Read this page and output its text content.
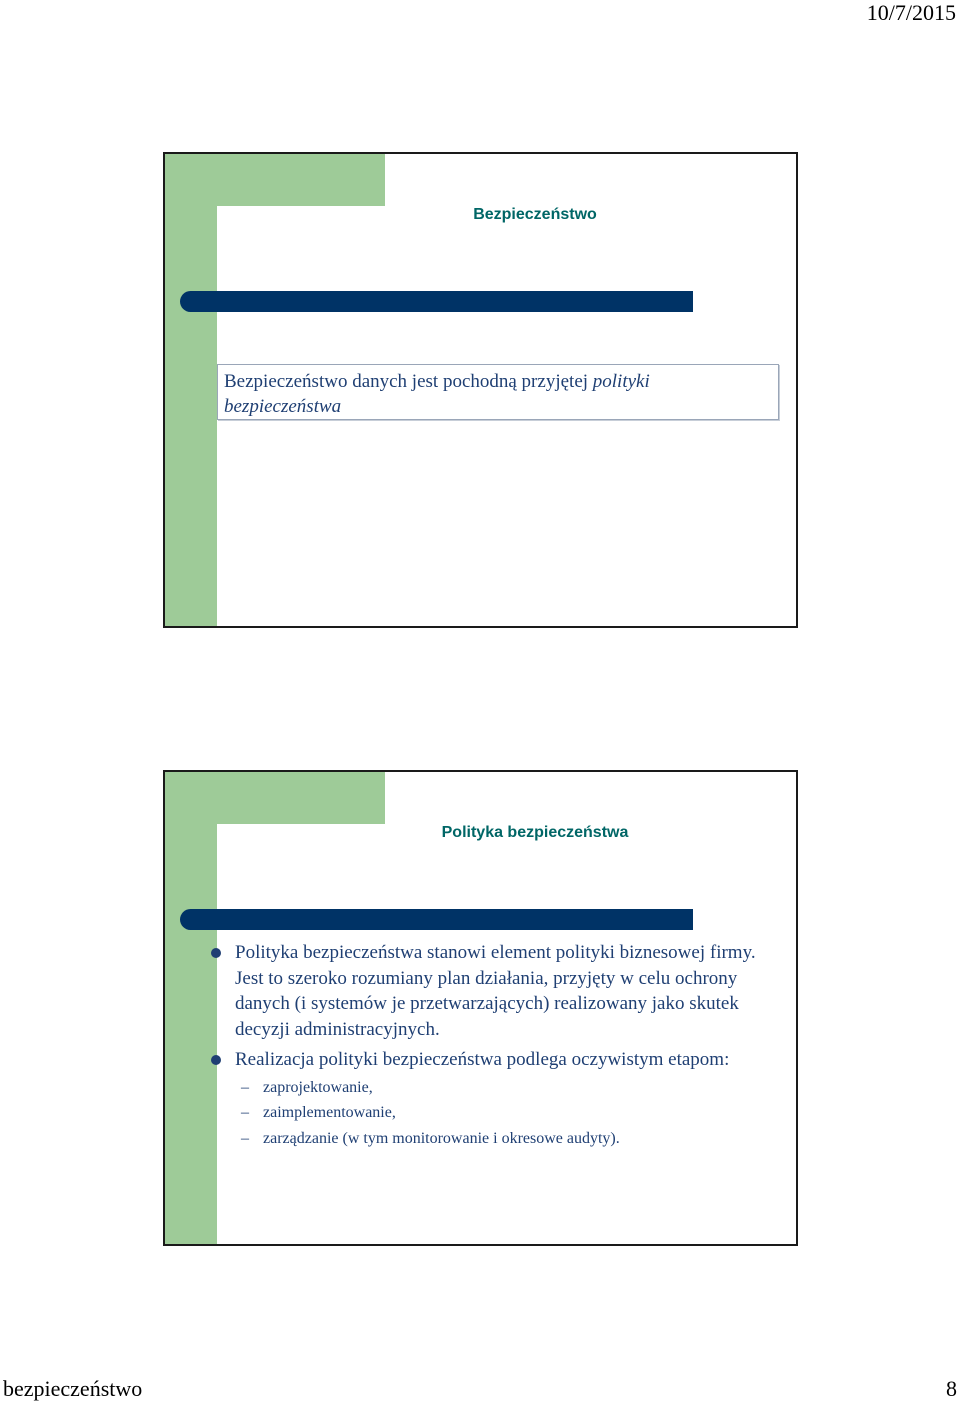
10/7/2015
Bezpieczeństwo
Bezpieczeństwo danych jest pochodną przyjętej polityki
bezpieczeństwa
Polityka bezpieczeństwa
Polityka bezpieczeństwa stanowi element polityki biznesowej firmy. Jest to szeroko rozumiany plan działania, przyjęty w celu ochrony danych (i systemów je przetwarzających) realizowany jako skutek decyzji administracyjnych.
Realizacja polityki bezpieczeństwa podlega oczywistym etapom:
– zaprojektowanie,
– zaimplementowanie,
– zarządzanie (w tym monitorowanie i okresowe audyty).
bezpieczeństwo	8
